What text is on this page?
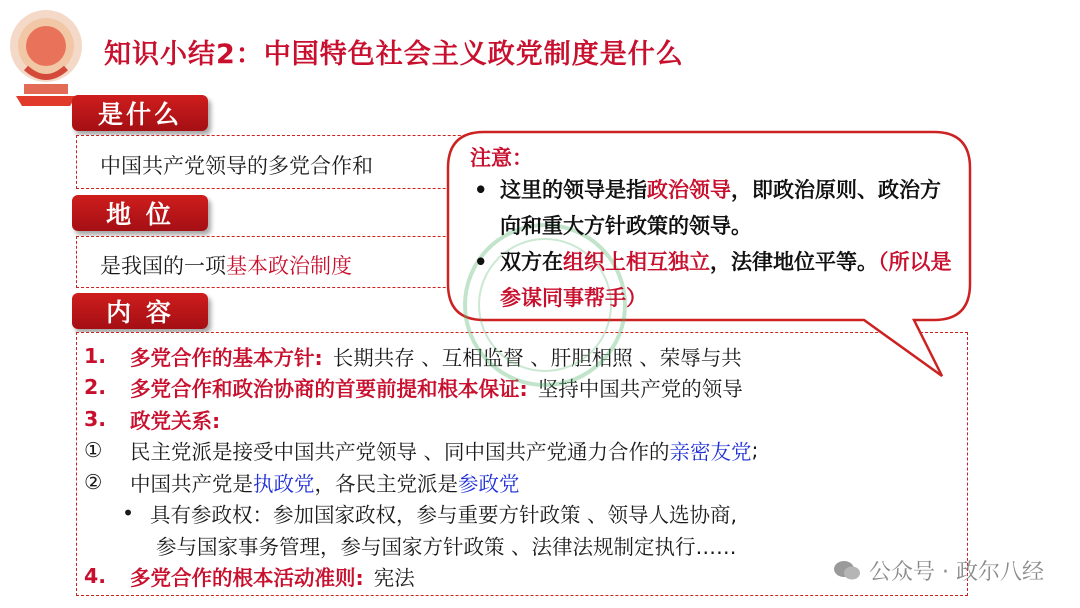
知识小结2：中国特色社会主义政党制度是什么
是什么
中国共产党领导的多党合作和
地 位
是我国的一项基本政治制度
内 容
1.	多党合作的基本方针: 长期共存 、互相监督 、肝胆相照 、荣辱与共
2.	多党合作和政治协商的首要前提和根本保证: 坚持中国共产党的领导
3.	政党关系:
①	民主党派是接受中国共产党领导 、同中国共产党通力合作的 亲密友党 ;
②	中国共产党是 执政党 ，各民主党派是 参政党
• 具有参政权：参加国家政权，参与重要方针政策 、领导人选协商,
参与国家事务管理，参与国家方针政策 、法律法规制定执行……
4.	多党合作的根本活动准则: 宪法
注意：
• 这里的领导是指政治领导，即政治原则、政治方向和重大方针政策的领导。
• 双方在组织上相互独立，法律地位平等。（所以是参谋同事帮手）
公众号 · 政尔八经
